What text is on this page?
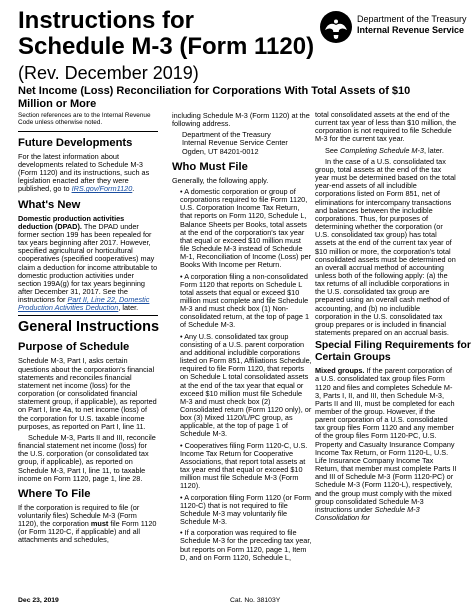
Instructions for
Schedule M-3 (Form 1120)
(Rev. December 2019)
Net Income (Loss) Reconciliation for Corporations With Total Assets of $10 Million or More
Department of the Treasury
Internal Revenue Service
Section references are to the Internal Revenue Code unless otherwise noted.
Future Developments
For the latest information about developments related to Schedule M-3 (Form 1120) and its instructions, such as legislation enacted after they were published, go to IRS.gov/Form1120.
What's New
Domestic production activities deduction (DPAD). The DPAD under former section 199 has been repealed for tax years beginning after 2017. However, specified agricultural or horticultural cooperatives (specified cooperatives) may claim a deduction for income attributable to domestic production activities under section 199A(g) for tax years beginning after December 31, 2017. See the instructions for Part II, Line 22, Domestic Production Activities Deduction, later.
General Instructions
Purpose of Schedule
Schedule M-3, Part I, asks certain questions about the corporation's financial statements and reconciles financial statement net income (loss) for the corporation (or consolidated financial statement group, if applicable), as reported on Part I, line 4a, to net income (loss) of the corporation for U.S. taxable income purposes, as reported on Part I, line 11.
Schedule M-3, Parts II and III, reconcile financial statement net income (loss) for the U.S. corporation (or consolidated tax group, if applicable), as reported on Schedule M-3, Part I, line 11, to taxable income on Form 1120, page 1, line 28.
Where To File
If the corporation is required to file (or voluntarily files) Schedule M-3 (Form 1120), the corporation must file Form 1120 (or Form 1120-C, if applicable) and all attachments and schedules,
including Schedule M-3 (Form 1120) at the following address.
Department of the Treasury
Internal Revenue Service Center
Ogden, UT 84201-0012
Who Must File
Generally, the following apply.
• A domestic corporation or group of corporations required to file Form 1120, U.S. Corporation Income Tax Return, that reports on Form 1120, Schedule L, Balance Sheets per Books, total assets at the end of the corporation's tax year that equal or exceed $10 million must file Schedule M-3 instead of Schedule M-1, Reconciliation of Income (Loss) per Books With Income per Return.
• A corporation filing a non-consolidated Form 1120 that reports on Schedule L total assets that equal or exceed $10 million must complete and file Schedule M-3 and must check box (1) Non-consolidated return, at the top of page 1 of Schedule M-3.
• Any U.S. consolidated tax group consisting of a U.S. parent corporation and additional includible corporations listed on Form 851, Affiliations Schedule, required to file Form 1120, that reports on Schedule L total consolidated assets at the end of the tax year that equal or exceed $10 million must file Schedule M-3 and must check box (2) Consolidated return (Form 1120 only), or box (3) Mixed 1120/L/PC group, as applicable, at the top of page 1 of Schedule M-3.
• Cooperatives filing Form 1120-C, U.S. Income Tax Return for Cooperative Associations, that report total assets at tax year end that equal or exceed $10 million must file Schedule M-3 (Form 1120).
• A corporation filing Form 1120 (or Form 1120-C) that is not required to file Schedule M-3 may voluntarily file Schedule M-3.
• If a corporation was required to file Schedule M-3 for the preceding tax year, but reports on Form 1120, page 1, Item D, and on Form 1120, Schedule L,
total consolidated assets at the end of the current tax year of less than $10 million, the corporation is not required to file Schedule M-3 for the current tax year.
See Completing Schedule M-3, later.
In the case of a U.S. consolidated tax group, total assets at the end of the tax year must be determined based on the total year-end assets of all includible corporations listed on Form 851, net of eliminations for intercompany transactions and balances between the includible corporations. Thus, for purposes of determining whether the corporation (or U.S. consolidated tax group) has total assets at the end of the current tax year of $10 million or more, the corporation's total consolidated assets must be determined on an overall accrual method of accounting unless both of the following apply: (a) the tax returns of all includible corporations in the U.S. consolidated tax group are prepared using an overall cash method of accounting, and (b) no includible corporation in the U.S. consolidated tax group prepares or is included in financial statements prepared on an accrual basis.
Special Filing Requirements for
Certain Groups
Mixed groups. If the parent corporation of a U.S. consolidated tax group files Form 1120 and files and completes Schedule M-3, Parts I, II, and III, then Schedule M-3, Parts II and III, must be completed for each member of the group. However, if the parent corporation of a U.S. consolidated tax group files Form 1120 and any member of the group files Form 1120-PC, U.S. Property and Casualty Insurance Company Income Tax Return, or Form 1120-L, U.S. Life Insurance Company Income Tax Return, that member must complete Parts II and III of Schedule M-3 (Form 1120-PC) or Schedule M-3 (Form 1120-L), respectively, and the group must comply with the mixed group consolidated Schedule M-3 instructions under Schedule M-3 Consolidation for
Dec 23, 2019	Cat. No. 38103Y
